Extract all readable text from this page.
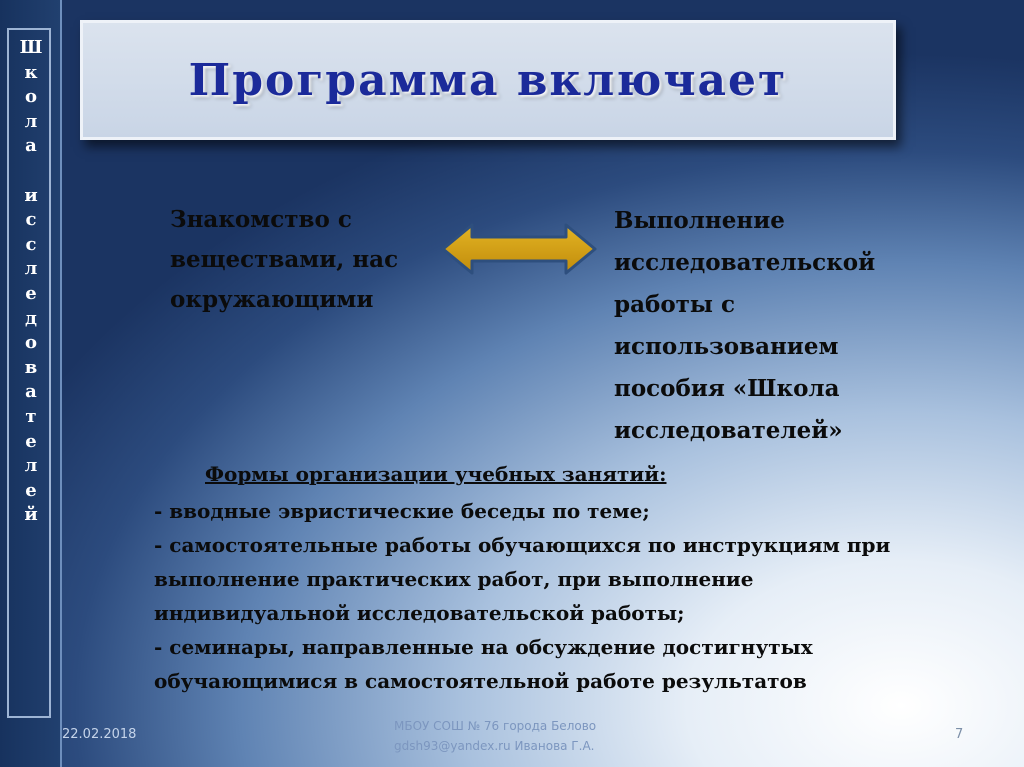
Ш
к
о
л
а

и
с
с
л
е
д
о
в
а
т
е
л
е
й
Программа включает
Знакомство с
веществами, нас
окружающими
Выполнение
исследовательской
работы с
использованием
пособия «Школа
исследователей»
Формы организации учебных занятий:
- вводные эвристические беседы по теме;
- самостоятельные работы обучающихся по инструкциям при
выполнение практических работ, при выполнение
индивидуальной исследовательской работы;
- семинары, направленные на обсуждение достигнутых
обучающимися в самостоятельной работе результатов
22.02.2018
МБОУ СОШ № 76 города Белово
gdsh93@yandex.ru Иванова Г.А.
7
